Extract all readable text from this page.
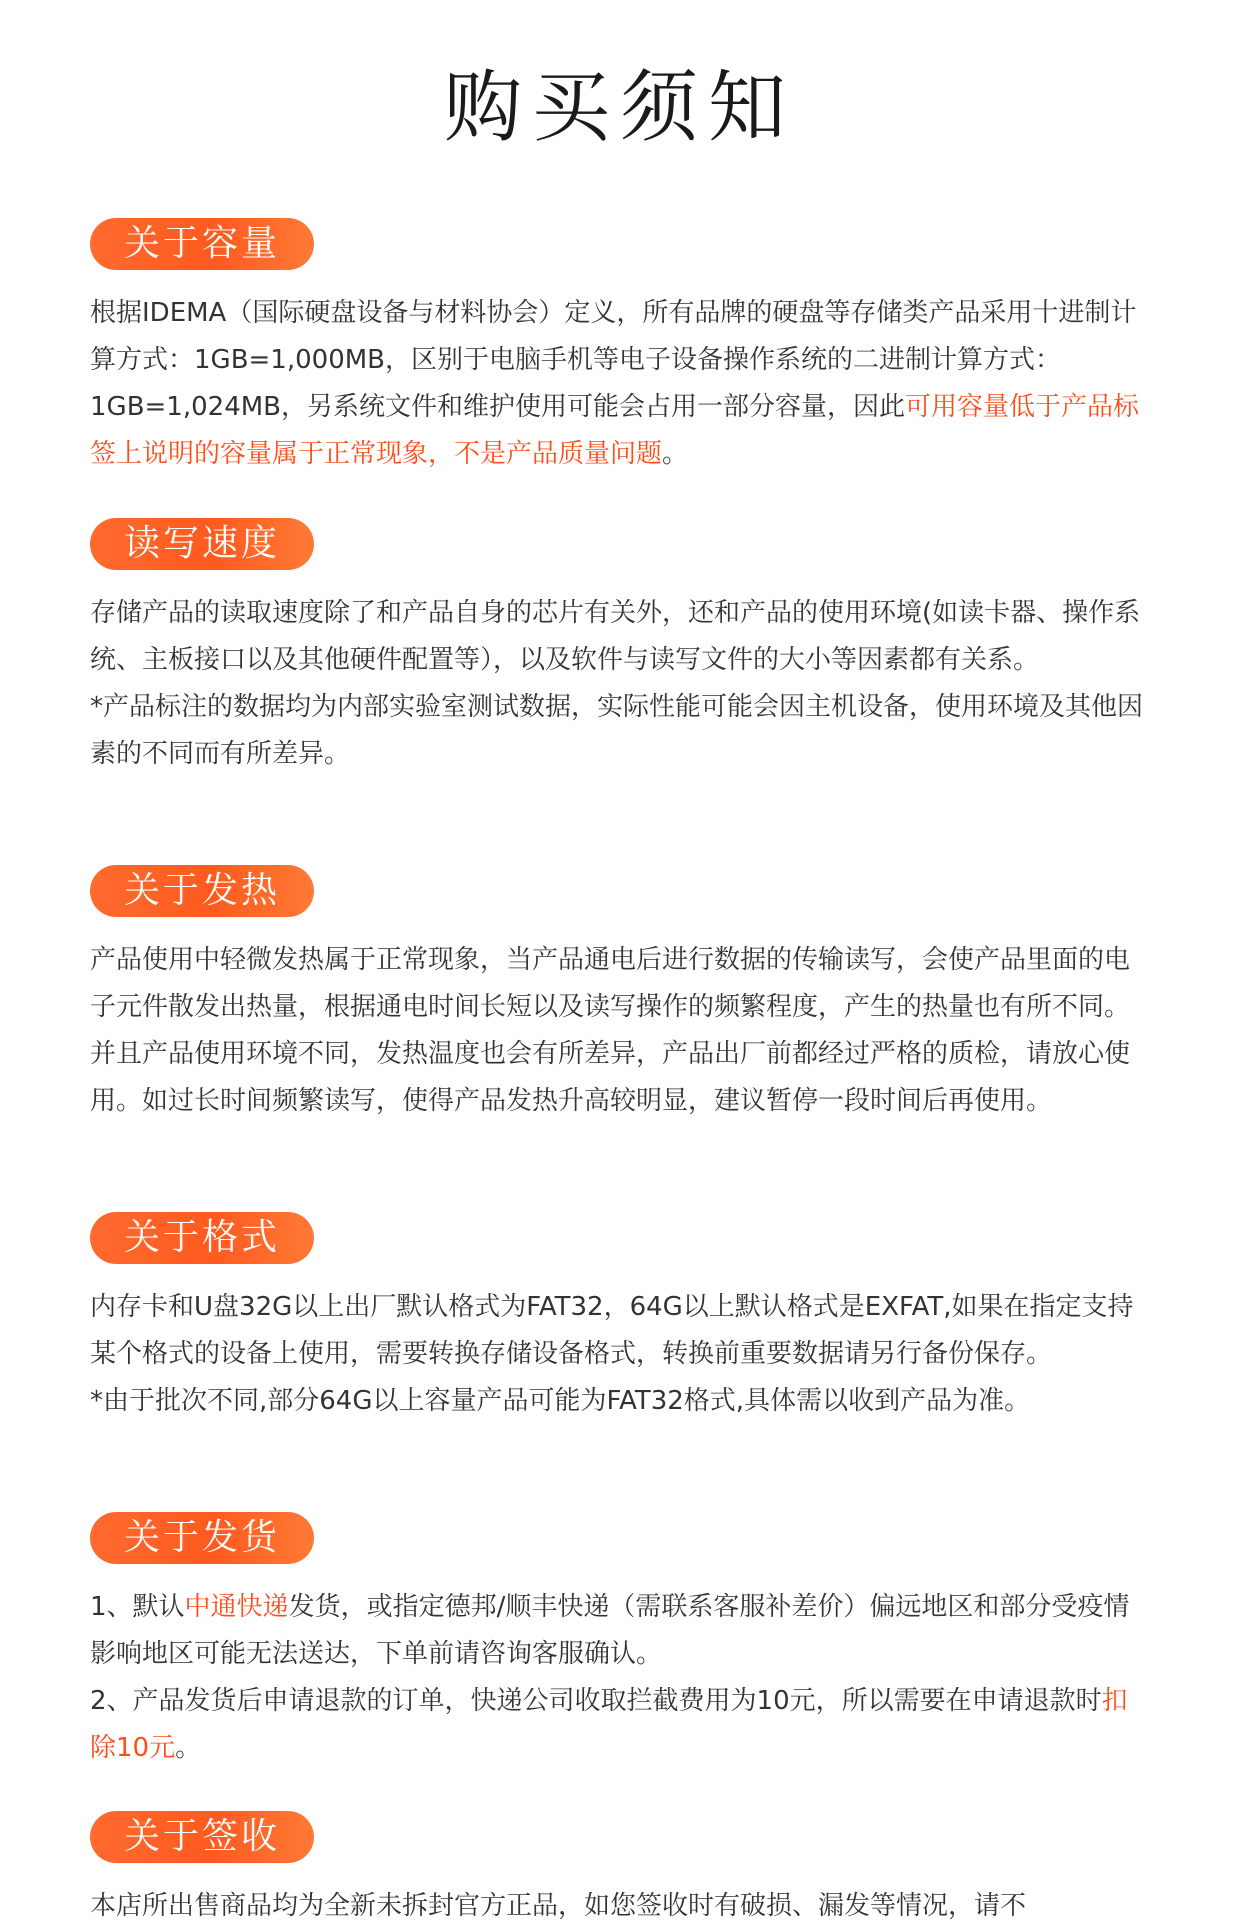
购买须知
关于容量

根据IDEMA（国际硬盘设备与材料协会）定义，所有品牌的硬盘等存储类产品采用十进制计算方式：1GB=1,000MB，区别于电脑手机等电子设备操作系统的二进制计算方式：1GB=1,024MB，另系统文件和维护使用可能会占用一部分容量，因此可用容量低于产品标签上说明的容量属于正常现象，不是产品质量问题。

读写速度

存储产品的读取速度除了和产品自身的芯片有关外，还和产品的使用环境(如读卡器、操作系统、主板接口以及其他硬件配置等），以及软件与读写文件的大小等因素都有关系。

*产品标注的数据均为内部实验室测试数据，实际性能可能会因主机设备，使用环境及其他因素的不同而有所差异。

关于发热

产品使用中轻微发热属于正常现象，当产品通电后进行数据的传输读写，会使产品里面的电子元件散发出热量，根据通电时间长短以及读写操作的频繁程度，产生的热量也有所不同。并且产品使用环境不同，发热温度也会有所差异，产品出厂前都经过严格的质检，请放心使用。如过长时间频繁读写，使得产品发热升高较明显，建议暂停一段时间后再使用。

关于格式

内存卡和U盘32G以上出厂默认格式为FAT32，64G以上默认格式是EXFAT,如果在指定支持某个格式的设备上使用，需要转换存储设备格式，转换前重要数据请另行备份保存。

*由于批次不同,部分64G以上容量产品可能为FAT32格式,具体需以收到产品为准。

关于发货

1、默认中通快递发货，或指定德邦/顺丰快递（需联系客服补差价）偏远地区和部分受疫情影响地区可能无法送达，下单前请咨询客服确认。

2、产品发货后申请退款的订单，快递公司收取拦截费用为10元，所以需要在申请退款时扣除10元。

关于签收

本店所出售商品均为全新未拆封官方正品，如您签收时有破损、漏发等情况，请不
